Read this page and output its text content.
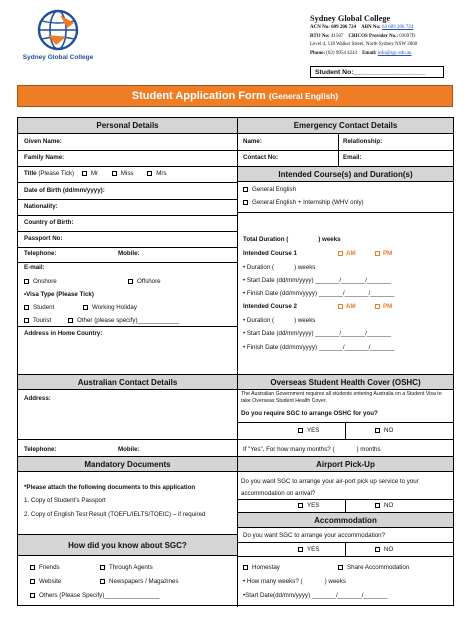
Sydney Global College
Sydney Global College
ACN No: 609 206 724 ABN No: 63 609 206 724
RTO No: 41587 CRICOS Provider No.: 03697D
Level 4, 118 Walker Street, North Sydney NSW 2060
Phone: (02) 9954 4243 Email: info@sgc.edu.au
Student No:___________________
Student Application Form (General English)
Personal Details	Emergency Contact Details
Given Name:
Family Name:
Title (Please Tick)	Mr	Miss	Mrs
Date of Birth (dd/mm/yyyy):
Nationality:
Country of Birth:
Passport No:
Telephone:	Mobile:
E-mail:
Onshore	Offshore
•Visa Type (Please Tick)
Student	Working Holiday
Tourist	Other (please specify)____________
Address in Home Country:
Name:	Relationship:
Contact No:	Email:
Intended Course(s) and Duration(s)
General English
General English + Internship (WHV only)
Total Duration (	) weeks
Intended Course 1	AM	PM
• Duration (	) weeks
• Start Date (dd/mm/yyyy) _______/_______/_______
• Finish Date (dd/mm/yyyy) _______/_______/_______
Intended Course 2	AM	PM
• Duration (	) weeks
• Start Date (dd/mm/yyyy) _______/_______/_______
• Finish Date (dd/mm/yyyy) _______/_______/_______
Australian Contact Details	Overseas Student Health Cover (OSHC)
Address:
Telephone:	Mobile:
The Australian Government requires all students entering Australia on a Student Visa to take Overseas Student Health Cover.
Do you require SGC to arrange OSHC for you?
YES	NO
If "Yes", For how many months? (	) months
Mandatory Documents	Airport Pick-Up
*Please attach the following documents to this application
1. Copy of Student’s Passport
2. Copy of English Test Result (TOEFL/IELTS/TOEIC) – if required
Do you want SGC to arrange your air-port pick up service to your accommodation on arrival?
YES	NO
Accommodation
Do you want SGC to arrange your accommodation?
YES	NO
Homestay	Share Accommodation
• How many weeks? (	) weeks
•Start Date(dd/mm/yyyy) _______/_______/_______
How did you know about SGC?
Friends	Through Agents
Website	Newspapers / Magazines
Others (Please Specify)________________
